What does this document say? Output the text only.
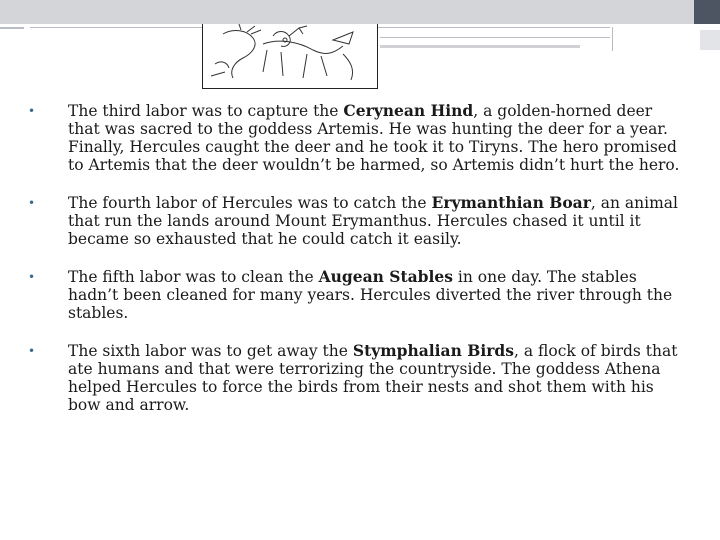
•	The third labor was to capture the Cerynean Hind, a golden-horned deer that was sacred to the goddess Artemis. He was hunting the deer for a year. Finally, Hercules caught the deer and he took it to Tiryns. The hero promised to Artemis that the deer wouldn’t be harmed, so Artemis didn’t hurt the hero.
•	The fourth labor of Hercules was to catch the Erymanthian Boar, an animal that run the lands around Mount Erymanthus. Hercules chased it until it became so exhausted that he could catch it easily.
•	The fifth labor was to clean the Augean Stables in one day. The stables hadn’t been cleaned for many years. Hercules diverted the river through the stables.
•	The sixth labor was to get away the Stymphalian Birds, a flock of birds that ate humans and that were terrorizing the countryside. The goddess Athena helped Hercules to force the birds from their nests and shot them with his bow and arrow.
